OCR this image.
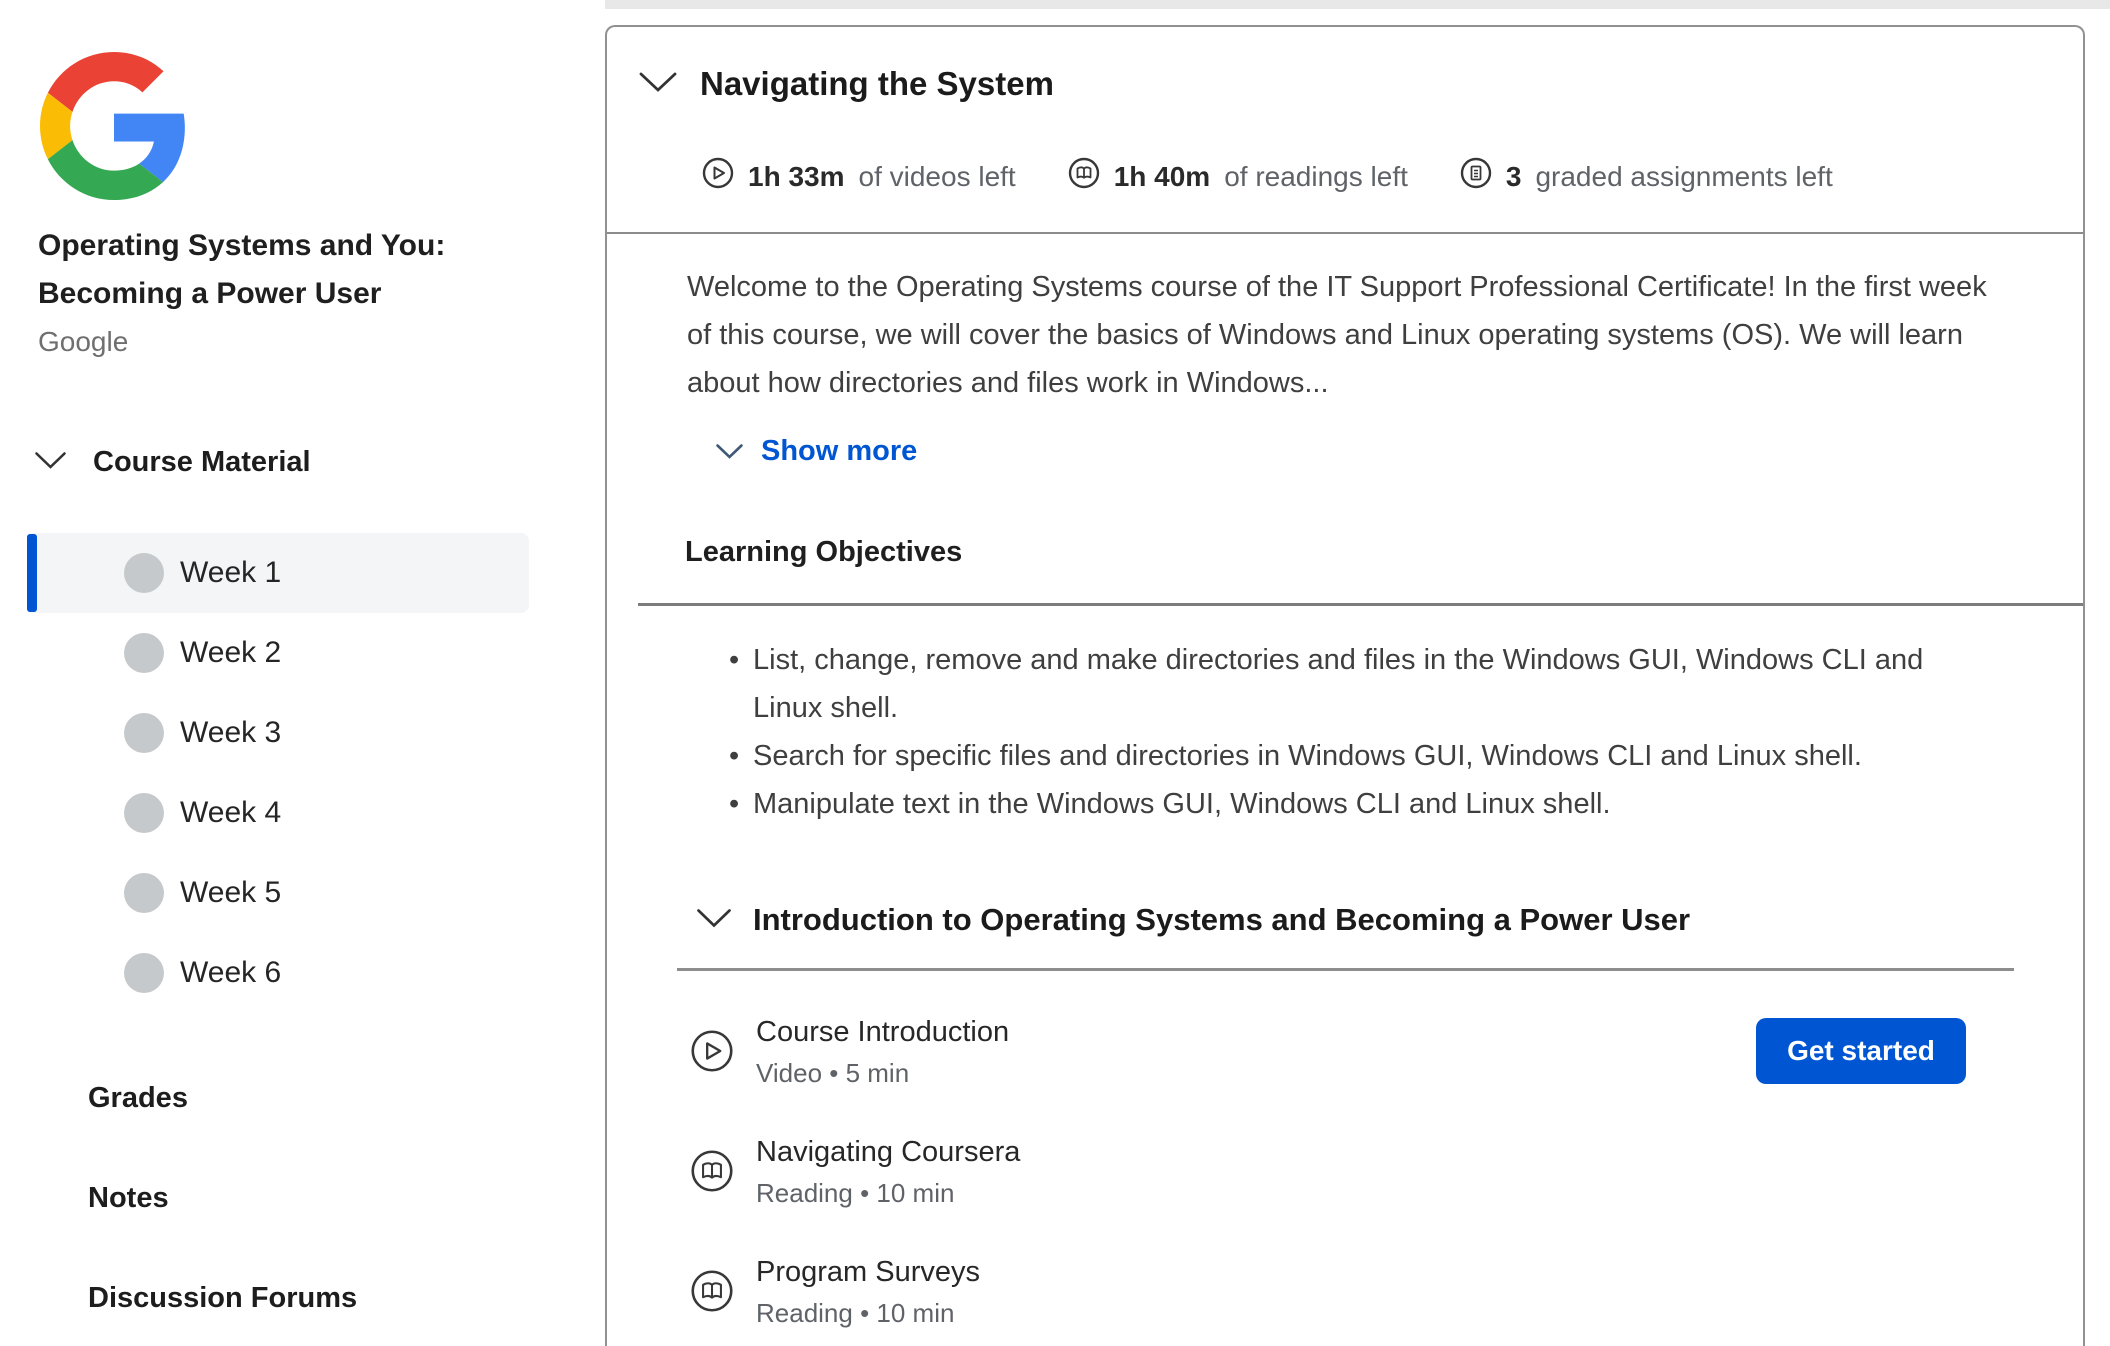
Operating Systems and You: Becoming a Power User
Google
Course Material
Week 1
Week 2
Week 3
Week 4
Week 5
Week 6
Grades
Notes
Discussion Forums
Navigating the System
1h 33m of videos left	1h 40m of readings left	3 graded assignments left

Welcome to the Operating Systems course of the IT Support Professional Certificate! In the first week of this course, we will cover the basics of Windows and Linux operating systems (OS). We will learn about how directories and files work in Windows...

Show more
Learning Objectives
• List, change, remove and make directories and files in the Windows GUI, Windows CLI and Linux shell.
• Search for specific files and directories in Windows GUI, Windows CLI and Linux shell.
• Manipulate text in the Windows GUI, Windows CLI and Linux shell.
Introduction to Operating Systems and Becoming a Power User
Course Introduction
Video • 5 min
Get started
Navigating Coursera
Reading • 10 min
Program Surveys
Reading • 10 min
